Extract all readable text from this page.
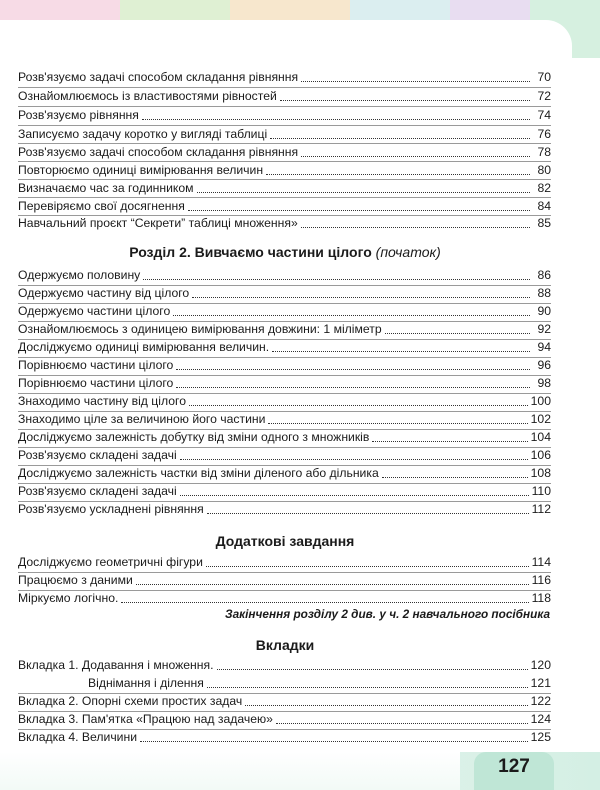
Розв'язуємо задачі способом складання рівняння	70
Ознайомлюємось із властивостями рівностей	72
Розв'язуємо рівняння	74
Записуємо задачу коротко у вигляді таблиці	76
Розв'язуємо задачі способом складання рівняння	78
Повторюємо одиниці вимірювання величин	80
Визначаємо час за годинником	82
Перевіряємо свої досягнення	84
Навчальний проєкт “Секрети” таблиці множення»	85
Розділ 2. Вивчаємо частини цілого (початок)
Одержуємо половину	86
Одержуємо частину від цілого	88
Одержуємо частини цілого	90
Ознайомлюємось з одиницею вимірювання довжини: 1 міліметр	92
Досліджуємо одиниці вимірювання величин.	94
Порівнюємо частини цілого	96
Порівнюємо частини цілого	98
Знаходимо частину від цілого	100
Знаходимо ціле за величиною його частини	102
Досліджуємо залежність добутку від зміни одного з множників	104
Розв'язуємо складені задачі	106
Досліджуємо залежність частки від зміни діленого або дільника	108
Розв'язуємо складені задачі	110
Розв'язуємо ускладнені рівняння	112
Додаткові завдання
Досліджуємо геометричні фігури	114
Працюємо з даними	116
Міркуємо логічно.	118
Закінчення розділу 2 див. у ч. 2 навчального посібника
Вкладки
Вкладка 1. Додавання і множення.	120
Віднімання і ділення	121
Вкладка 2. Опорні схеми простих задач	122
Вкладка 3. Пам'ятка «Працюю над задачею»	124
Вкладка 4. Величини	125
127
